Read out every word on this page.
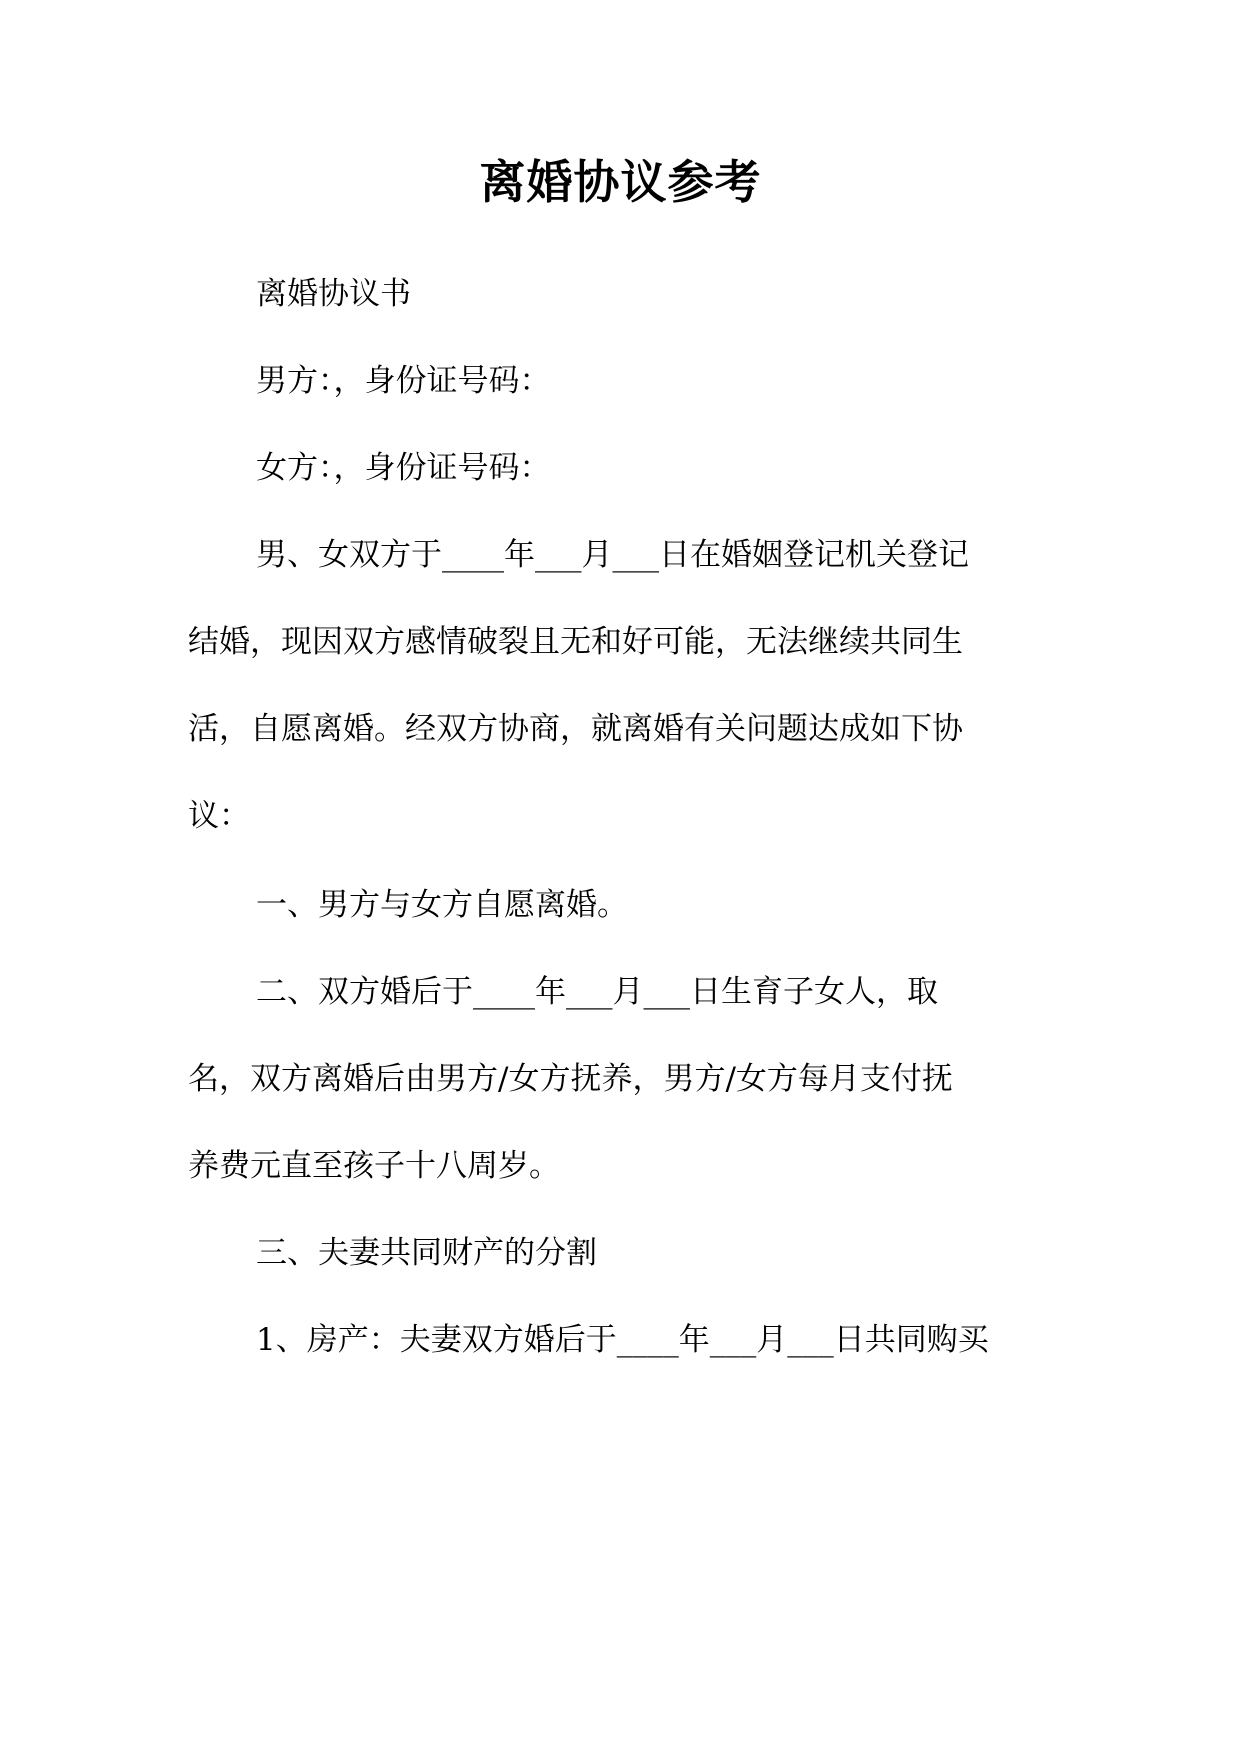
离婚协议参考
离婚协议书
男方：，身份证号码：
女方：，身份证号码：
男、女双方于____年___月___日在婚姻登记机关登记
结婚，现因双方感情破裂且无和好可能，无法继续共同生
活，自愿离婚。经双方协商，就离婚有关问题达成如下协
议：
一、男方与女方自愿离婚。
二、双方婚后于____年___月___日生育子女人，取
名，双方离婚后由男方/女方抚养，男方/女方每月支付抚
养费元直至孩子十八周岁。
三、夫妻共同财产的分割
1、房产：夫妻双方婚后于____年___月___日共同购买
